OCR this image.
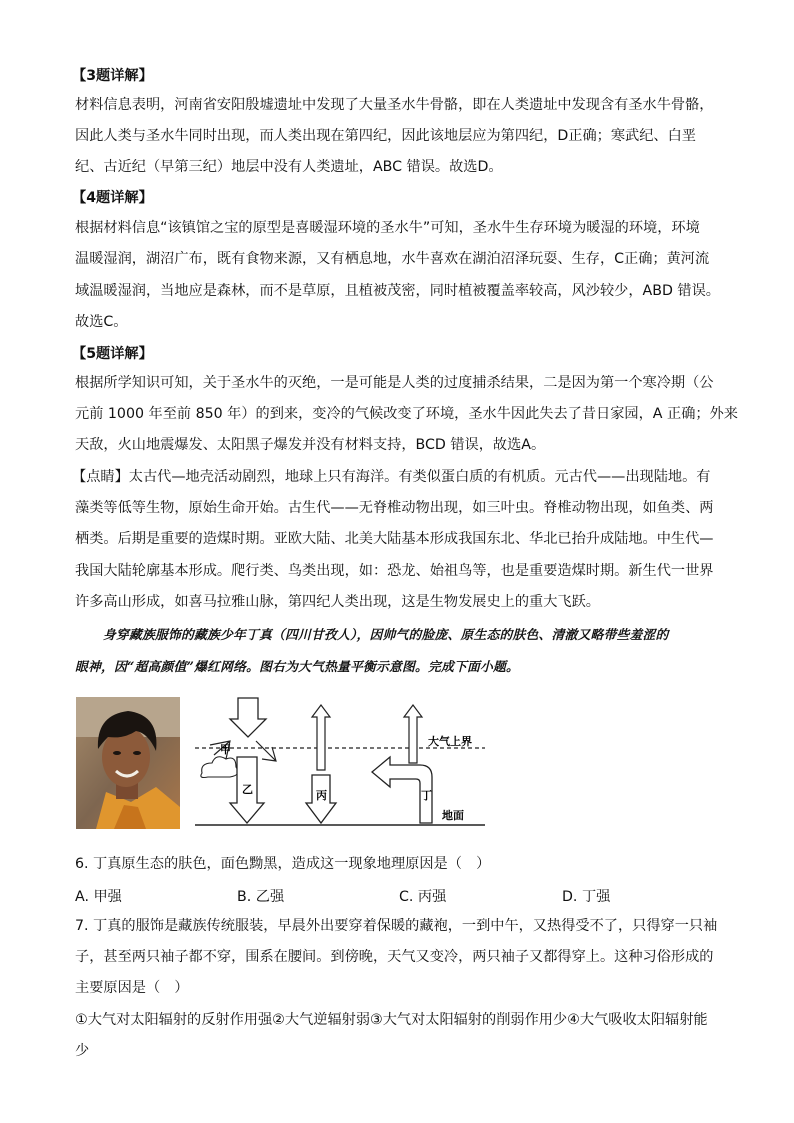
【3题详解】
材料信息表明，河南省安阳殷墟遗址中发现了大量圣水牛骨骼，即在人类遗址中发现含有圣水牛骨骼，
因此人类与圣水牛同时出现，而人类出现在第四纪，因此该地层应为第四纪，D正确；寒武纪、白垩
纪、古近纪（早第三纪）地层中没有人类遗址，ABC 错误。故选D。
【4题详解】
根据材料信息“该镇馆之宝的原型是喜暖湿环境的圣水牛”可知，圣水牛生存环境为暖湿的环境，环境
温暖湿润，湖沼广布，既有食物来源，又有栖息地，水牛喜欢在湖泊沼泽玩耍、生存，C正确；黄河流
域温暖湿润，当地应是森林，而不是草原，且植被茂密，同时植被覆盖率较高，风沙较少，ABD 错误。
故选C。
【5题详解】
根据所学知识可知，关于圣水牛的灭绝，一是可能是人类的过度捕杀结果，二是因为第一个寒冷期（公
元前 1000 年至前 850 年）的到来，变冷的气候改变了环境，圣水牛因此失去了昔日家园，A 正确；外来
天敌，火山地震爆发、太阳黑子爆发并没有材料支持，BCD 错误，故选A。
【点睛】太古代—地壳活动剧烈，地球上只有海洋。有类似蛋白质的有机质。元古代——出现陆地。有
藻类等低等生物，原始生命开始。古生代——无脊椎动物出现，如三叶虫。脊椎动物出现，如鱼类、两
栖类。后期是重要的造煤时期。亚欧大陆、北美大陆基本形成我国东北、华北已抬升成陆地。中生代—
我国大陆轮廓基本形成。爬行类、鸟类出现，如：恐龙、始祖鸟等，也是重要造煤时期。新生代一世界
许多高山形成，如喜马拉雅山脉，第四纪人类出现，这是生物发展史上的重大飞跃。
身穿藏族服饰的藏族少年丁真（四川甘孜人），因帅气的脸庞、原生态的肤色、清澈又略带些羞涩的
眼神，因“超高颜值”爆红网络。图右为大气热量平衡示意图。完成下面小题。
甲
乙	丙	丁
大气上界
地面
6. 丁真原生态的肤色，面色黝黑，造成这一现象地理原因是（　）
A. 甲强	B. 乙强	C. 丙强	D. 丁强
7. 丁真的服饰是藏族传统服装，早晨外出要穿着保暖的藏袍，一到中午，又热得受不了，只得穿一只袖
子，甚至两只袖子都不穿，围系在腰间。到傍晚，天气又变冷，两只袖子又都得穿上。这种习俗形成的
主要原因是（　）
①大气对太阳辐射的反射作用强②大气逆辐射弱③大气对太阳辐射的削弱作用少④大气吸收太阳辐射能
少
